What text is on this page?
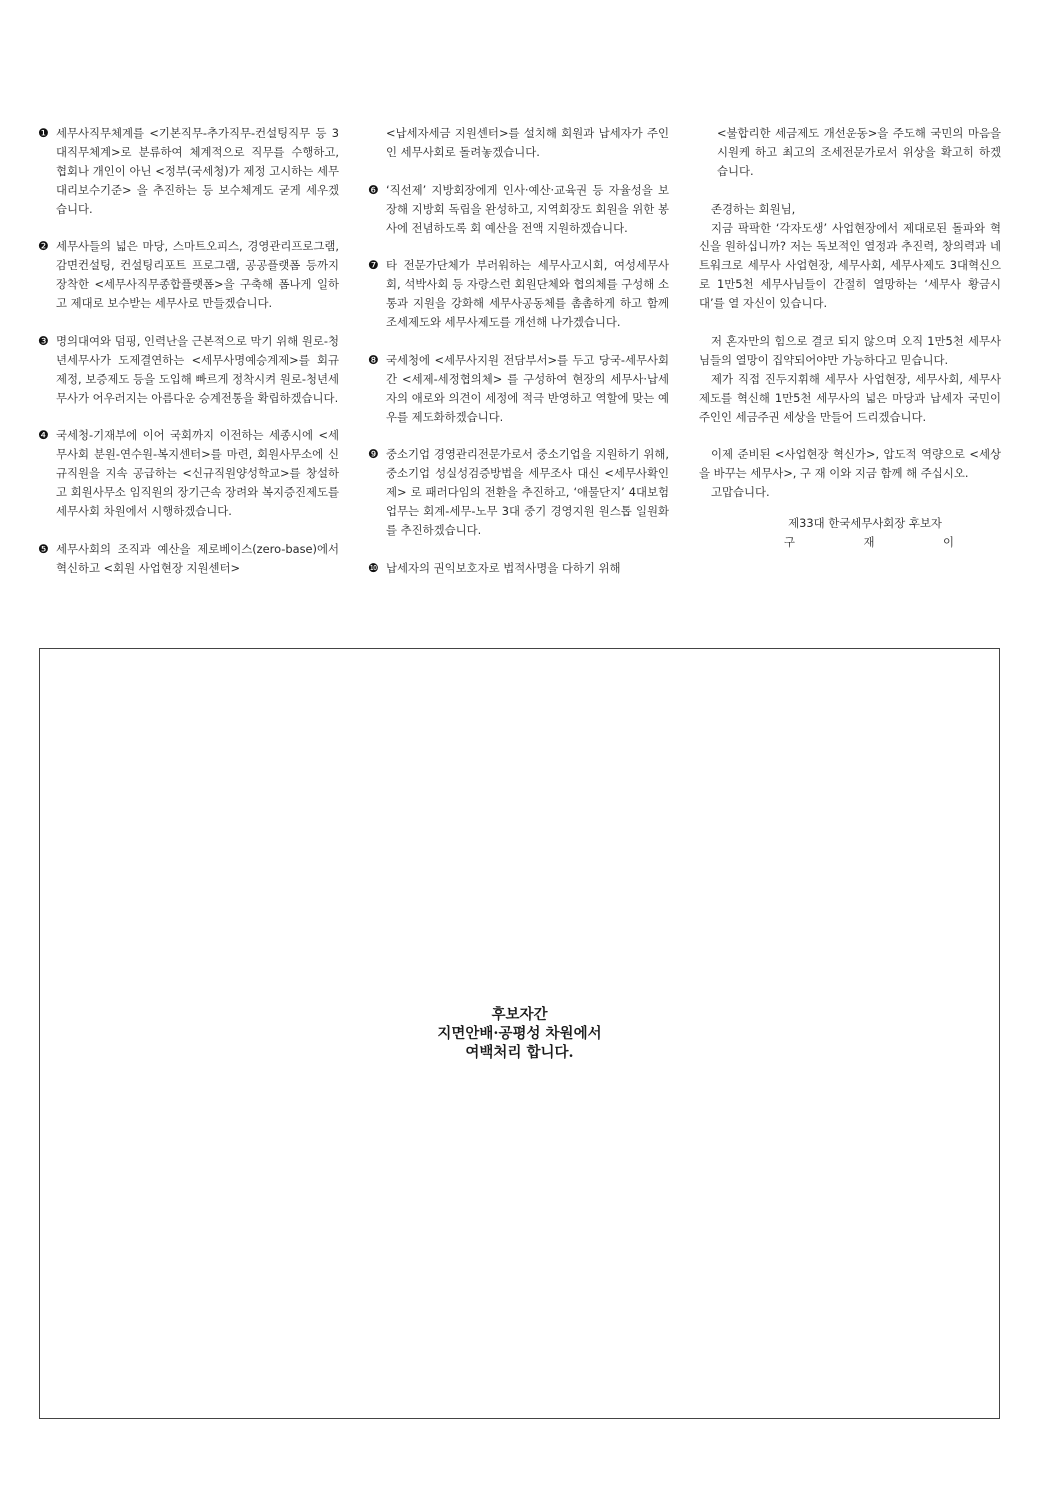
❶ 세무사직무체계를 <기본직무-추가직무-컨설팅직무 등 3대직무체계>로 분류하여 체계적으로 직무를 수행하고, 협회나 개인이 아닌 <정부(국세청)가 제정 고시하는 세무대리보수기준> 을 추진하는 등 보수체계도 굳게 세우겠습니다.
❷ 세무사들의 넓은 마당, 스마트오피스, 경영관리프로그램, 감면컨설팅, 컨설팅리포트 프로그램, 공공플랫폼 등까지 장착한 <세무사직무종합플랫폼>을 구축해 폼나게 일하고 제대로 보수받는 세무사로 만들겠습니다.
❸ 명의대여와 덤핑, 인력난을 근본적으로 막기 위해 원로-청년세무사가 도제결연하는 <세무사명예승계제>를 회규제정, 보증제도 등을 도입해 빠르게 정착시켜 원로-청년세무사가 어우러지는 아름다운 승계전통을 확립하겠습니다.
❹ 국세청-기재부에 이어 국회까지 이전하는 세종시에 <세무사회 분원-연수원-복지센터>를 마련, 회원사무소에 신규직원을 지속 공급하는 <신규직원양성학교>를 창설하고 회원사무소 임직원의 장기근속 장려와 복지증진제도를 세무사회 차원에서 시행하겠습니다.
❺ 세무사회의 조직과 예산을 제로베이스(zero-base)에서 혁신하고 <회원 사업현장 지원센터>
<납세자세금 지원센터>를 설치해 회원과 납세자가 주인인 세무사회로 돌려놓겠습니다.
❻ ‘직선제’ 지방회장에게 인사·예산·교육권 등 자율성을 보장해 지방회 독립을 완성하고, 지역회장도 회원을 위한 봉사에 전념하도록 회 예산을 전액 지원하겠습니다.
❼ 타 전문가단체가 부러워하는 세무사고시회, 여성세무사회, 석박사회 등 자랑스런 회원단체와 협의체를 구성해 소통과 지원을 강화해 세무사공동체를 촘촘하게 하고 함께 조세제도와 세무사제도를 개선해 나가겠습니다.
❽ 국세청에 <세무사지원 전담부서>를 두고 당국-세무사회 간 <세제-세정협의체> 를 구성하여 현장의 세무사·납세자의 애로와 의견이 세정에 적극 반영하고 역할에 맞는 예우를 제도화하겠습니다.
❾ 중소기업 경영관리전문가로서 중소기업을 지원하기 위해, 중소기업 성실성검증방법을 세무조사 대신 <세무사확인제> 로 패러다임의 전환을 추진하고, ‘애물단지’ 4대보험 업무는 회계-세무-노무 3대 중기 경영지원 원스톱 일원화를 추진하겠습니다.
❿ 납세자의 권익보호자로 법적사명을 다하기 위해
<불합리한 세금제도 개선운동>을 주도해 국민의 마음을 시원케 하고 최고의 조세전문가로서 위상을 확고히 하겠습니다.
존경하는 회원님,
지금 팍팍한 ‘각자도생’ 사업현장에서 제대로된 돌파와 혁신을 원하십니까? 저는 독보적인 열정과 추진력, 창의력과 네트워크로 세무사 사업현장, 세무사회, 세무사제도 3대혁신으로 1만5천 세무사님들이 간절히 열망하는 ‘세무사 황금시대’를 열 자신이 있습니다.
저 혼자만의 힘으로 결코 되지 않으며 오직 1만5천 세무사님들의 열망이 집약되어야만 가능하다고 믿습니다.
제가 직접 진두지휘해 세무사 사업현장, 세무사회, 세무사제도를 혁신해 1만5천 세무사의 넓은 마당과 납세자 국민이 주인인 세금주권 세상을 만들어 드리겠습니다.
이제 준비된 <사업현장 혁신가>, 압도적 역량으로 <세상을 바꾸는 세무사>, 구 재 이와 지금 함께 해 주십시오.
고맙습니다.
제33대 한국세무사회장 후보자
구	재	이
후보자간
지면안배·공평성 차원에서
여백처리 합니다.
